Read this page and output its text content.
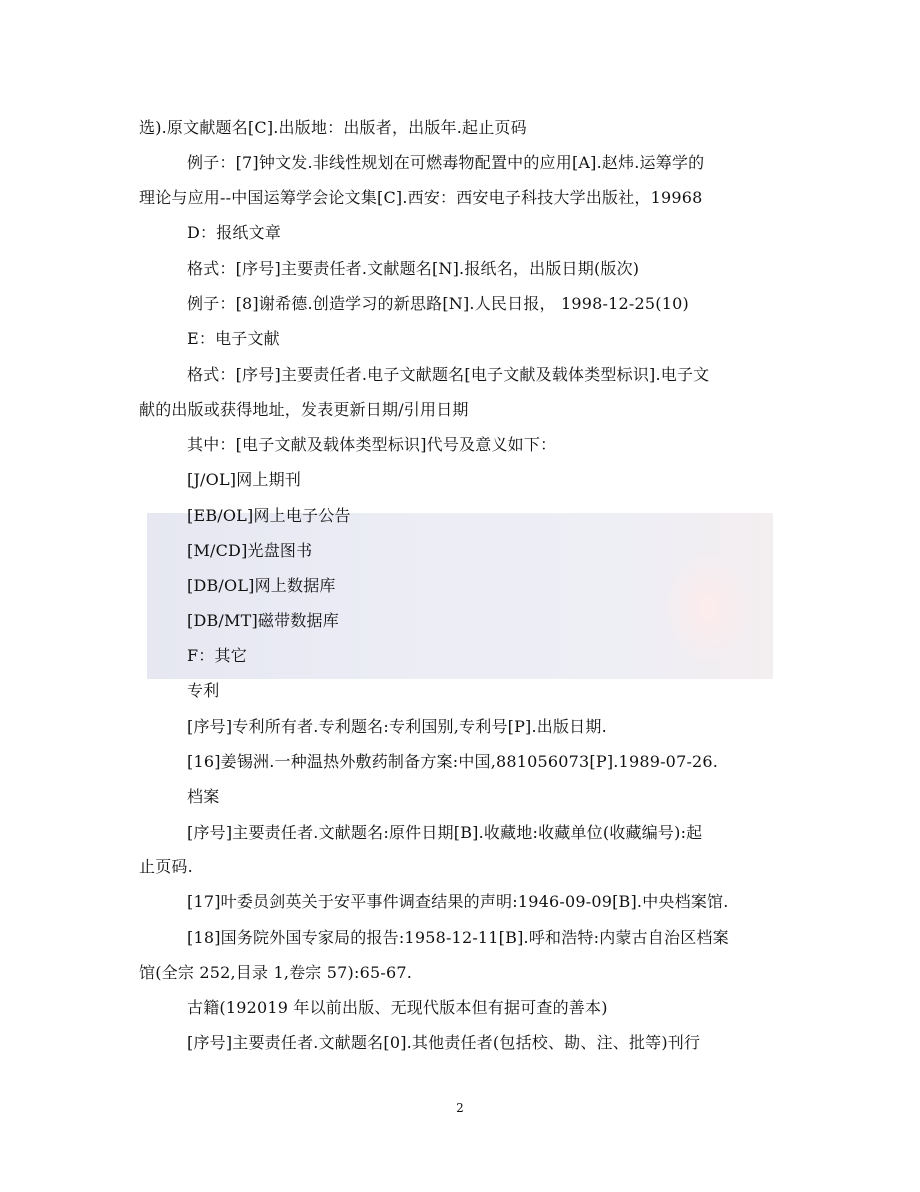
选).原文献题名[C].出版地：出版者，出版年.起止页码
例子：[7]钟文发.非线性规划在可燃毒物配置中的应用[A].赵炜.运筹学的
理论与应用--中国运筹学会论文集[C].西安：西安电子科技大学出版社，19968
D：报纸文章
格式：[序号]主要责任者.文献题名[N].报纸名，出版日期(版次)
例子：[8]谢希德.创造学习的新思路[N].人民日报， 1998-12-25(10)
E：电子文献
格式：[序号]主要责任者.电子文献题名[电子文献及载体类型标识].电子文
献的出版或获得地址，发表更新日期/引用日期
其中：[电子文献及载体类型标识]代号及意义如下：
[J/OL]网上期刊
[EB/OL]网上电子公告
[M/CD]光盘图书
[DB/OL]网上数据库
[DB/MT]磁带数据库
F：其它
专利
[序号]专利所有者.专利题名:专利国别,专利号[P].出版日期.
[16]姜锡洲.一种温热外敷药制备方案:中国,881056073[P].1989-07-26.
档案
[序号]主要责任者.文献题名:原件日期[B].收藏地:收藏单位(收藏编号):起
止页码.
[17]叶委员剑英关于安平事件调查结果的声明:1946-09-09[B].中央档案馆.
[18]国务院外国专家局的报告:1958-12-11[B].呼和浩特:内蒙古自治区档案
馆(全宗 252,目录 1,卷宗 57):65-67.
古籍(192019 年以前出版、无现代版本但有据可查的善本)
[序号]主要责任者.文献题名[0].其他责任者(包括校、勘、注、批等)刊行
2
